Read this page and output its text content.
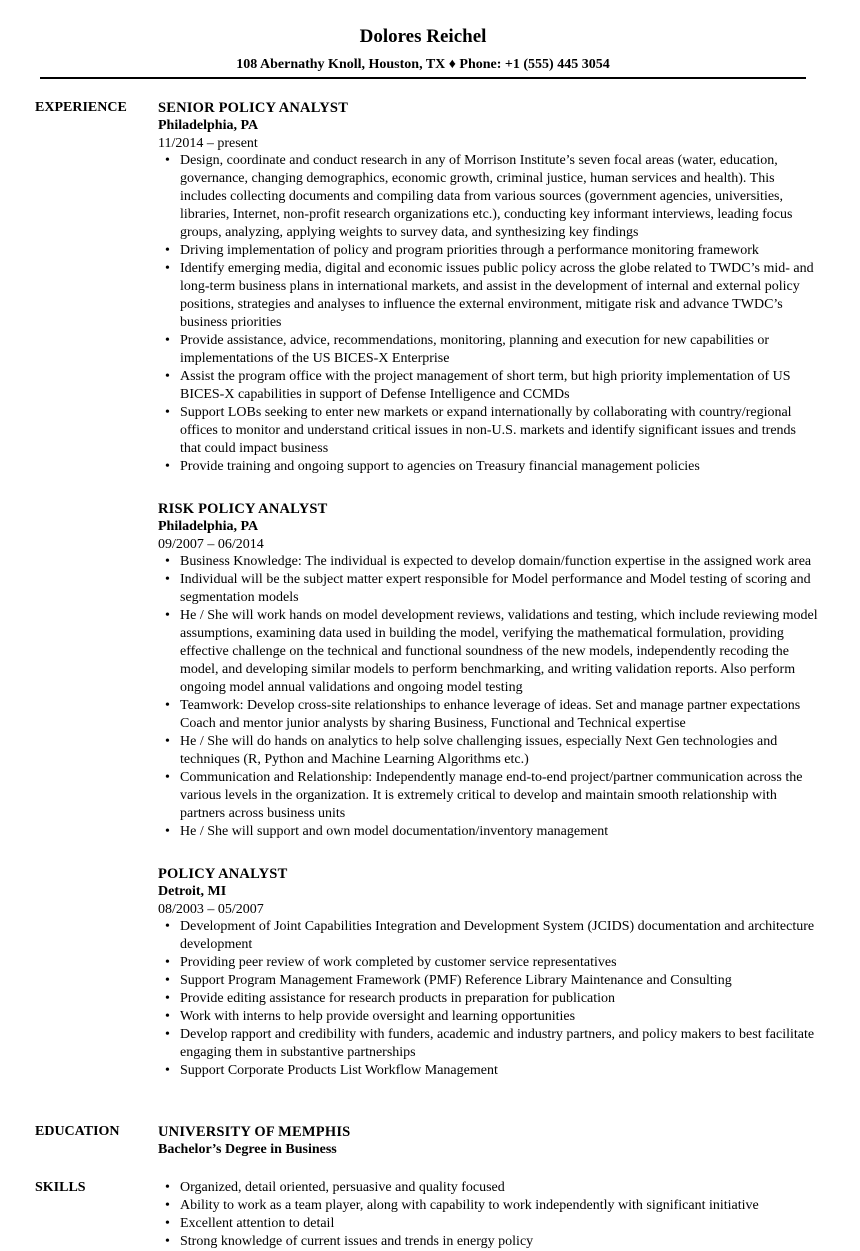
Dolores Reichel
108 Abernathy Knoll, Houston, TX ♦ Phone: +1 (555) 445 3054
EXPERIENCE SENIOR POLICY ANALYST
Philadelphia, PA
11/2014 – present
• Design, coordinate and conduct research in any of Morrison Institute’s seven focal areas (water, education, governance, changing demographics, economic growth, criminal justice, human services and health). This includes collecting documents and compiling data from various sources (government agencies, universities, libraries, Internet, non-profit research organizations etc.), conducting key informant interviews, leading focus groups, analyzing, applying weights to survey data, and synthesizing key findings
• Driving implementation of policy and program priorities through a performance monitoring framework
• Identify emerging media, digital and economic issues public policy across the globe related to TWDC’s mid- and long-term business plans in international markets, and assist in the development of internal and external policy positions, strategies and analyses to influence the external environment, mitigate risk and advance TWDC’s business priorities
• Provide assistance, advice, recommendations, monitoring, planning and execution for new capabilities or implementations of the US BICES-X Enterprise
• Assist the program office with the project management of short term, but high priority implementation of US BICES-X capabilities in support of Defense Intelligence and CCMDs
• Support LOBs seeking to enter new markets or expand internationally by collaborating with country/regional offices to monitor and understand critical issues in non-U.S. markets and identify significant issues and trends that could impact business
• Provide training and ongoing support to agencies on Treasury financial management policies
RISK POLICY ANALYST
Philadelphia, PA
09/2007 – 06/2014
• Business Knowledge: The individual is expected to develop domain/function expertise in the assigned work area
• Individual will be the subject matter expert responsible for Model performance and Model testing of scoring and segmentation models
• He / She will work hands on model development reviews, validations and testing, which include reviewing model assumptions, examining data used in building the model, verifying the mathematical formulation, providing effective challenge on the technical and functional soundness of the new models, independently recoding the model, and developing similar models to perform benchmarking, and writing validation reports. Also perform ongoing model annual validations and ongoing model testing
• Teamwork: Develop cross-site relationships to enhance leverage of ideas. Set and manage partner expectations Coach and mentor junior analysts by sharing Business, Functional and Technical expertise
• He / She will do hands on analytics to help solve challenging issues, especially Next Gen technologies and techniques (R, Python and Machine Learning Algorithms etc.)
• Communication and Relationship: Independently manage end-to-end project/partner communication across the various levels in the organization. It is extremely critical to develop and maintain smooth relationship with partners across business units
• He / She will support and own model documentation/inventory management
POLICY ANALYST
Detroit, MI
08/2003 – 05/2007
• Development of Joint Capabilities Integration and Development System (JCIDS) documentation and architecture development
• Providing peer review of work completed by customer service representatives
• Support Program Management Framework (PMF) Reference Library Maintenance and Consulting
• Provide editing assistance for research products in preparation for publication
• Work with interns to help provide oversight and learning opportunities
• Develop rapport and credibility with funders, academic and industry partners, and policy makers to best facilitate engaging them in substantive partnerships
• Support Corporate Products List Workflow Management
EDUCATION	UNIVERSITY OF MEMPHIS
Bachelor’s Degree in Business
SKILLS
•	Organized, detail oriented, persuasive and quality focused
• Ability to work as a team player, along with capability to work independently with significant initiative
• Excellent attention to detail
• Strong knowledge of current issues and trends in energy policy
